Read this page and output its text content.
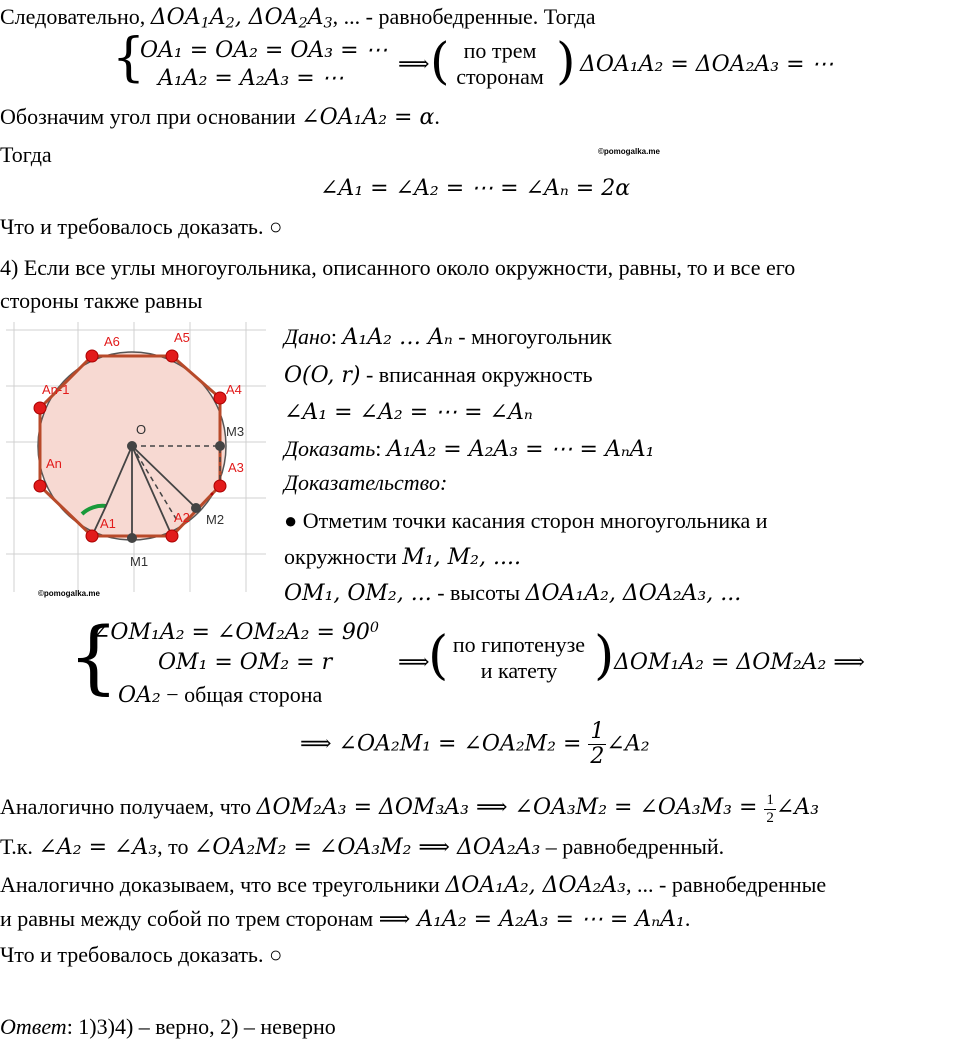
Следовательно, $\Delta OA_1A_2$, $\Delta OA_2A_3$, ... - равнобедренные. Тогда
{
OA₁ = OA₂ = OA₃ = ⋯
A₁A₂ = A₂A₃ = ⋯
⟹ ( по трем
сторонам ) ΔOA₁A₂ = ΔOA₂A₃ = ⋯
Обозначим угол при основании ∠OA₁A₂ = α.
Тогда	©pomogalka.me
∠A₁ = ∠A₂ = ⋯ = ∠Aₙ = 2α
Что и требовалось доказать. ○
4) Если все углы многоугольника, описанного около окружности, равны, то и все его
стороны также равны
A6	A5
A4
An-1
O	M3
A3
An
A2
A1	M2
M1
©pomogalka.me
Дано: A₁A₂ … Aₙ - многоугольник
O(O, r) - вписанная окружность
∠A₁ = ∠A₂ = ⋯ = ∠Aₙ
Доказать: A₁A₂ = A₂A₃ = ⋯ = AₙA₁
Доказательство:
● Отметим точки касания сторон многоугольника и
окружности M₁, M₂, ....
OM₁, OM₂, ... - высоты ΔOA₁A₂, ΔOA₂A₃, ...
{
∠OM₁A₂ = ∠OM₂A₂ = $90^0$
OM₁ = OM₂ = r
OA₂ − общая сторона
⟹
( по гипотенузе
и катету ) ΔOM₁A₂ = ΔOM₂A₂ ⟹
⟹ ∠OA₂M₁ = ∠OA₂M₂ = $\frac{1}{2}$ ∠A₂
Аналогично получаем, что ΔOM₂A₃ = ΔOM₃A₃ ⟹ ∠OA₃M₂ = ∠OA₃M₃ = $\frac{1}{2}$ ∠A₃
Т.к. ∠A₂ = ∠A₃, то ∠OA₂M₂ = ∠OA₃M₂ ⟹ ΔOA₂A₃ – равнобедренный.
Аналогично доказываем, что все треугольники ΔOA₁A₂, ΔOA₂A₃, ... - равнобедренные
и равны между собой по трем сторонам ⟹ A₁A₂ = A₂A₃ = ⋯ = AₙA₁.
Что и требовалось доказать. ○
Ответ: 1)3)4) – верно, 2) – неверно
